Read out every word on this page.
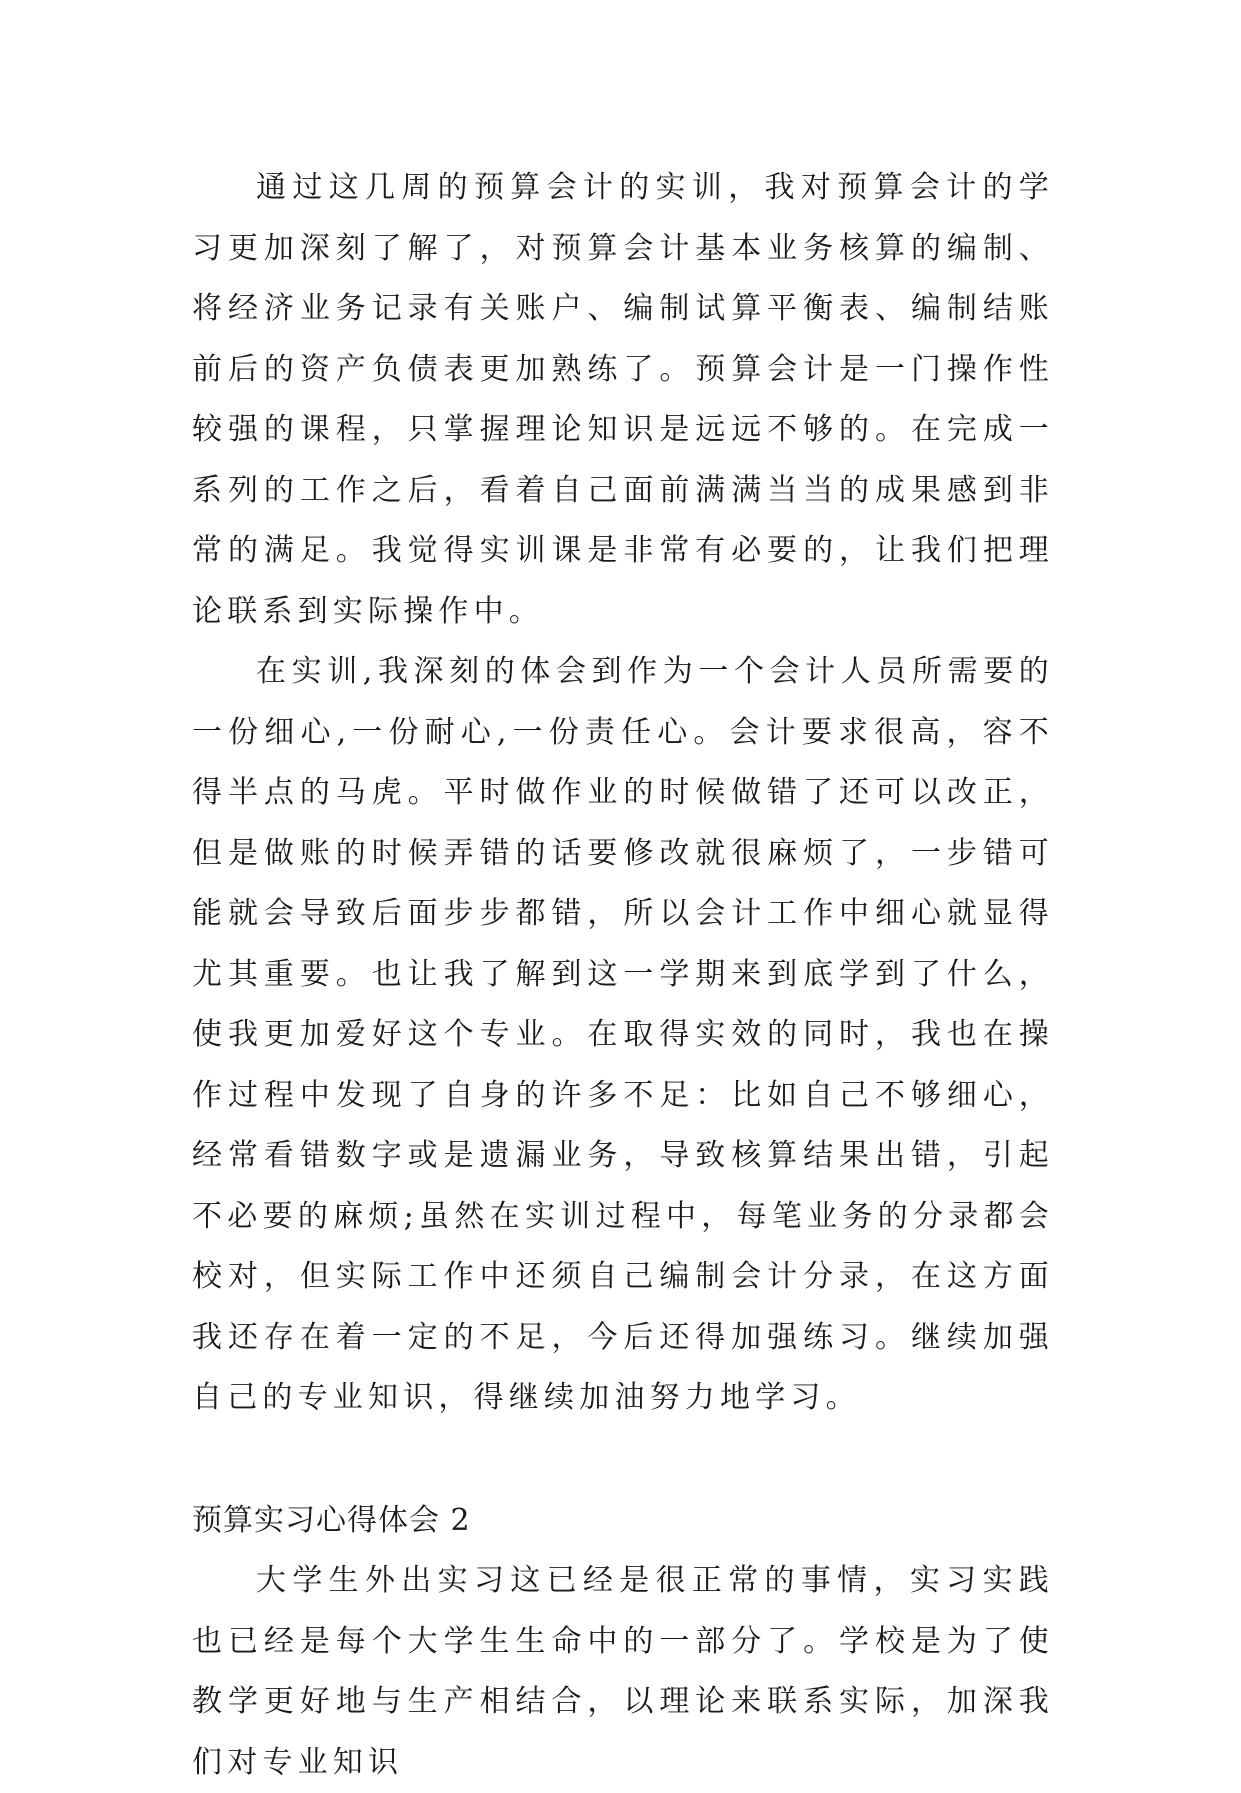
通过这几周的预算会计的实训，我对预算会计的学习更加深刻了解了，对预算会计基本业务核算的编制、将经济业务记录有关账户、编制试算平衡表、编制结账前后的资产负债表更加熟练了。预算会计是一门操作性较强的课程，只掌握理论知识是远远不够的。在完成一系列的工作之后，看着自己面前满满当当的成果感到非常的满足。我觉得实训课是非常有必要的，让我们把理论联系到实际操作中。

在实训,我深刻的体会到作为一个会计人员所需要的一份细心,一份耐心,一份责任心。会计要求很高，容不得半点的马虎。平时做作业的时候做错了还可以改正，但是做账的时候弄错的话要修改就很麻烦了，一步错可能就会导致后面步步都错，所以会计工作中细心就显得尤其重要。也让我了解到这一学期来到底学到了什么，使我更加爱好这个专业。在取得实效的同时，我也在操作过程中发现了自身的许多不足：比如自己不够细心，经常看错数字或是遗漏业务，导致核算结果出错，引起不必要的麻烦;虽然在实训过程中，每笔业务的分录都会校对，但实际工作中还须自己编制会计分录，在这方面我还存在着一定的不足，今后还得加强练习。继续加强自己的专业知识，得继续加油努力地学习。

预算实习心得体会 2

大学生外出实习这已经是很正常的事情，实习实践也已经是每个大学生生命中的一部分了。学校是为了使教学更好地与生产相结合，以理论来联系实际，加深我们对专业知识
